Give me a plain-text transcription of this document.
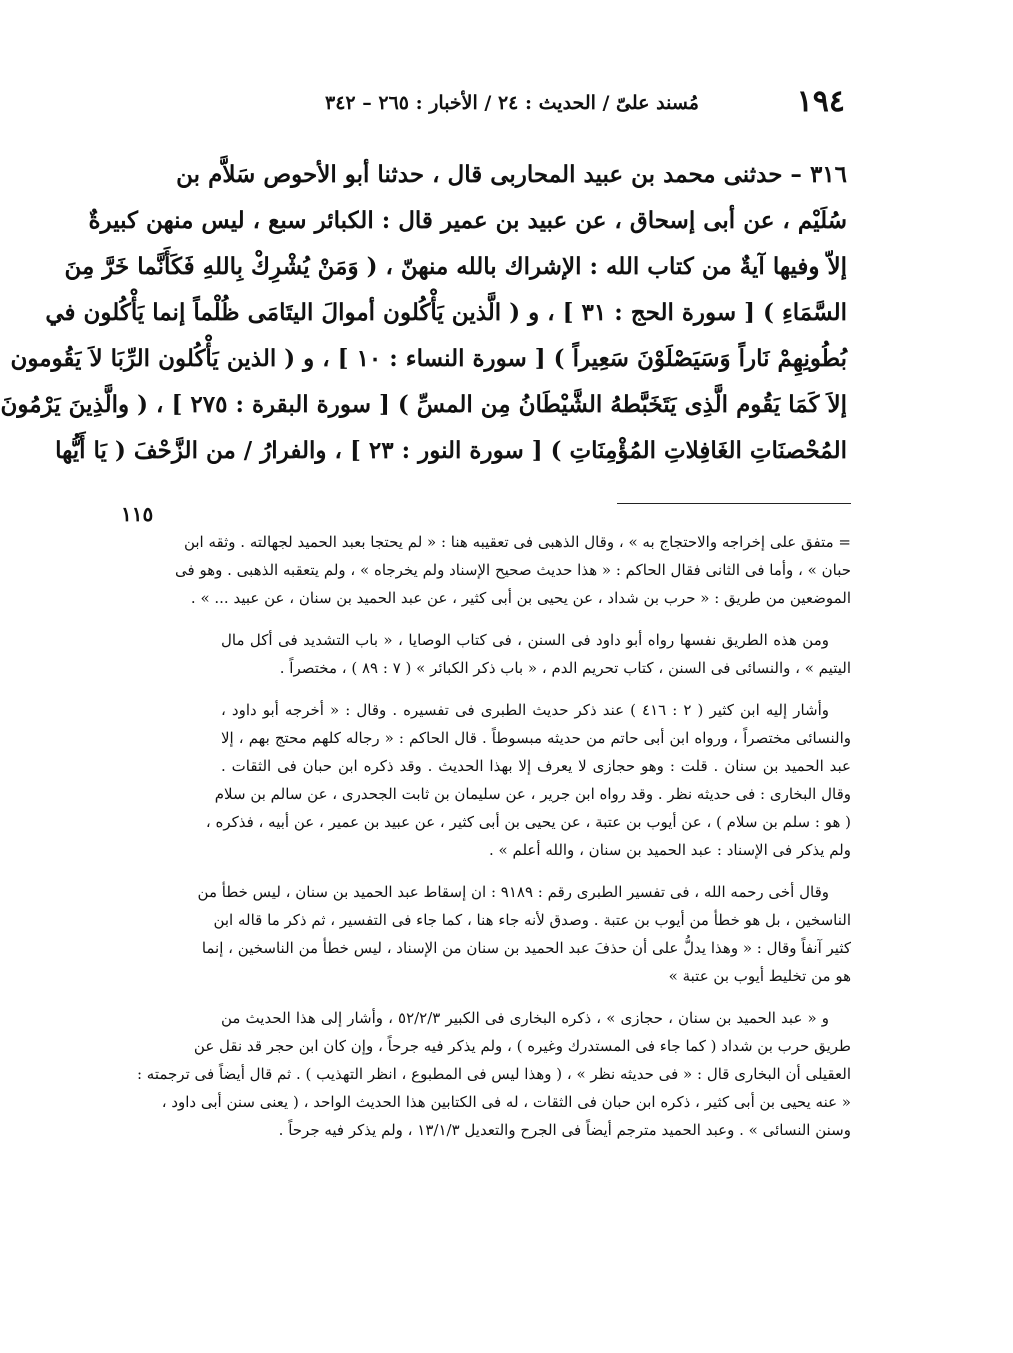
١٩٤
مُسند علىّ / الحديث : ٢٤ / الأخبار : ٢٦٥ – ٣٤٢
٣١٦ – حدثنى محمد بن عبيد المحاربى قال ، حدثنا أبو الأحوص سَلاَّم بن
سُلَيْم ، عن أبى إسحاق ، عن عبيد بن عمير قال : الكبائر سبع ، ليس منهن كبيرةٌ
إلاّ وفيها آيةٌ من كتاب الله : الإشراك بالله منهنّ ، ( وَمَنْ يُشْرِكْ بِاللهِ فَكَأَنَّما خَرَّ مِنَ
السَّمَاءِ ) [ سورة الحج : ٣١ ] ، و ( الَّذين يَأْكُلون أموالَ اليتَامَى ظُلْماً إنما يَأْكُلون في
بُطُونِهِمْ نَاراً وَسَيَصْلَوْنَ سَعِيراً ) [ سورة النساء : ١٠ ] ، و ( الذين يَأْكُلون الرِّبَا لاَ يَقُومون
إلاَ كَمَا يَقُوم الَّذِى يَتَخَبَّطهُ الشَّيْطَانُ مِن المسِّ ) [ سورة البقرة : ٢٧٥ ] ، ( والَّذِينَ يَرْمُونَ
المُحْصنَاتِ الغَافِلاتِ المُؤْمِنَاتِ ) [ سورة النور : ٢٣ ] ، والفرارُ / من الزَّحْفَ ( يَا أَيُّها
١١٥
= متفق على إخراجه والاحتجاج به » ، وقال الذهبى فى تعقيبه هنا : « لم يحتجا بعبد الحميد لجهالته . وثقه ابن
حبان » ، وأما فى الثانى فقال الحاكم : « هذا حديث صحيح الإسناد ولم يخرجاه » ، ولم يتعقبه الذهبى . وهو فى
الموضعين من طريق : « حرب بن شداد ، عن يحيى بن أبى كثير ، عن عبد الحميد بن سنان ، عن عبيد ... » .
ومن هذه الطريق نفسها رواه أبو داود فى السنن ، فى كتاب الوصايا ، « باب التشديد فى أكل مال
اليتيم » ، والنسائى فى السنن ، كتاب تحريم الدم ، « باب ذكر الكبائر » ( ٧ : ٨٩ ) ، مختصراً .
وأشار إليه ابن كثير ( ٢ : ٤١٦ ) عند ذكر حديث الطبرى فى تفسيره . وقال : « أخرجه أبو داود ،
والنسائى مختصراً ، ورواه ابن أبى حاتم من حديثه مبسوطاً . قال الحاكم : « رجاله كلهم محتج بهم ، إلا
عبد الحميد بن سنان . قلت : وهو حجازى لا يعرف إلا بهذا الحديث . وقد ذكره ابن حبان فى الثقات .
وقال البخارى : فى حديثه نظر . وقد رواه ابن جرير ، عن سليمان بن ثابت الجحدرى ، عن سالم بن سلام
( هو : سلم بن سلام ) ، عن أيوب بن عتبة ، عن يحيى بن أبى كثير ، عن عبيد بن عمير ، عن أبيه ، فذكره ،
ولم يذكر فى الإسناد : عبد الحميد بن سنان ، والله أعلم » .
وقال أخى رحمه الله ، فى تفسير الطبرى رقم : ٩١٨٩ : ان إسقاط عبد الحميد بن سنان ، ليس خطأ من
الناسخين ، بل هو خطأ من أيوب بن عتبة . وصدق لأنه جاء هنا ، كما جاء فى التفسير ، ثم ذكر ما قاله ابن
كثير آنفاً وقال : « وهذا يدلُّ على أن حذفَ عبد الحميد بن سنان من الإسناد ، ليس خطأ من الناسخين ، إنما
هو من تخليط أيوب بن عتبة »
و « عبد الحميد بن سنان ، حجازى » ، ذكره البخارى فى الكبير ٥٢/٢/٣ ، وأشار إلى هذا الحديث من
طريق حرب بن شداد ( كما جاء فى المستدرك وغيره ) ، ولم يذكر فيه جرحاً ، وإن كان ابن حجر قد نقل عن
العقيلى أن البخارى قال : « فى حديثه نظر » ، ( وهذا ليس فى المطبوع ، انظر التهذيب ) . ثم قال أيضاً فى ترجمته :
« عنه يحيى بن أبى كثير ، ذكره ابن حبان فى الثقات ، له فى الكتابين هذا الحديث الواحد ، ( يعنى سنن أبى داود ،
وسنن النسائى » . وعبد الحميد مترجم أيضاً فى الجرح والتعديل ١٣/١/٣ ، ولم يذكر فيه جرحاً .
